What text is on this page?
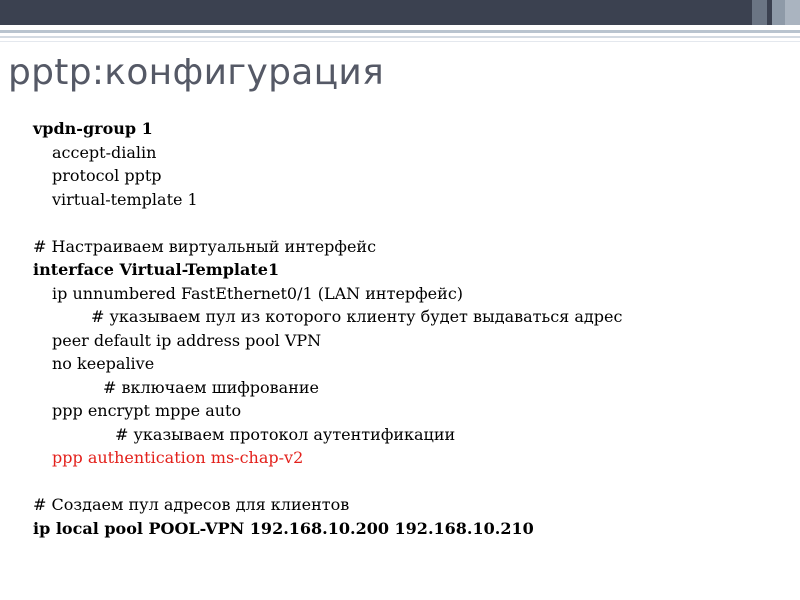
pptp:конфигурация
vpdn-group 1
accept-dialin
protocol pptp
virtual-template 1
# Настраиваем виртуальный интерфейс
interface Virtual-Template1
ip unnumbered FastEthernet0/1 (LAN интерфейс)
# указываем пул из которого клиенту будет выдаваться адрес
peer default ip address pool VPN
no keepalive
# включаем шифрование
ppp encrypt mppe auto
# указываем протокол аутентификации
ppp authentication ms-chap-v2
# Создаем пул адресов для клиентов
ip local pool POOL-VPN 192.168.10.200 192.168.10.210
